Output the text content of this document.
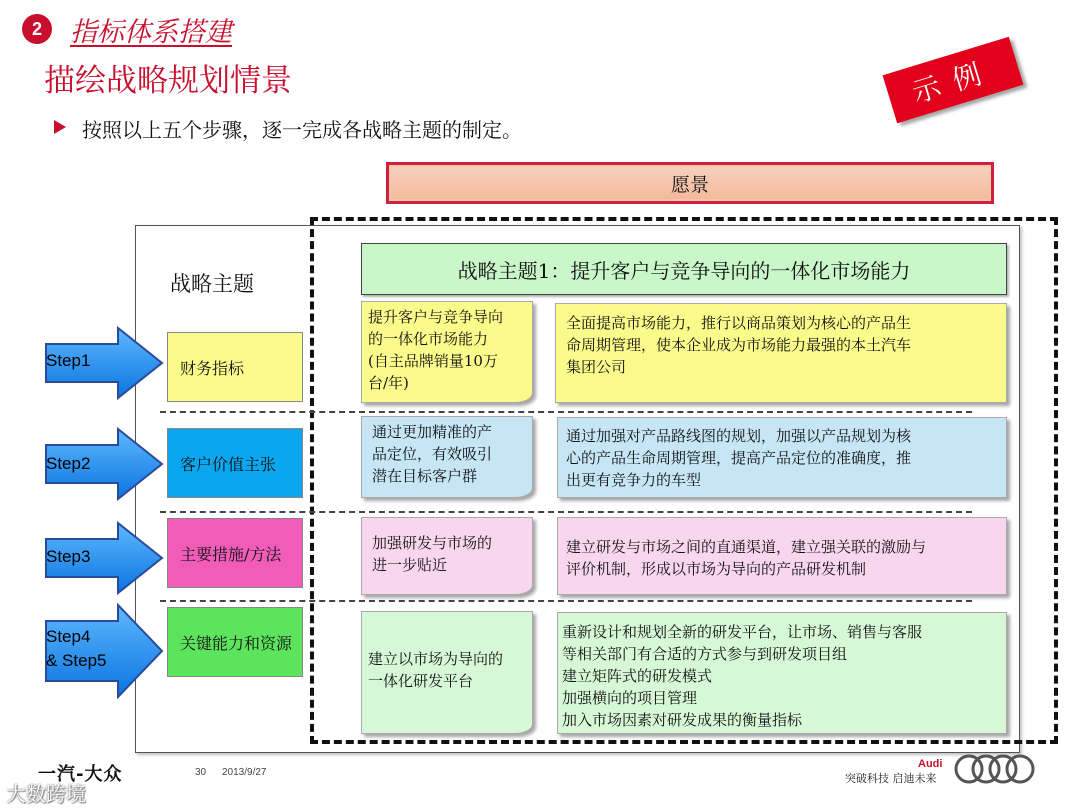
2	指标体系搭建
描绘战略规划情景
按照以上五个步骤，逐一完成各战略主题的制定。
示例
愿景
战略主题
战略主题1：提升客户与竞争导向的一体化市场能力
财务指标
客户价值主张
主要措施/方法
关键能力和资源
提升客户与竞争导向
的一体化市场能力
(自主品牌销量10万
台/年)
全面提高市场能力，推行以商品策划为核心的产品生
命周期管理，使本企业成为市场能力最强的本土汽车
集团公司
通过更加精准的产
品定位，有效吸引
潜在目标客户群
通过加强对产品路线图的规划，加强以产品规划为核
心的产品生命周期管理，提高产品定位的准确度，推
出更有竞争力的车型
加强研发与市场的
进一步贴近
建立研发与市场之间的直通渠道，建立强关联的激励与
评价机制，形成以市场为导向的产品研发机制
建立以市场为导向的
一体化研发平台
重新设计和规划全新的研发平台，让市场、销售与客服
等相关部门有合适的方式参与到研发项目组
建立矩阵式的研发模式
加强横向的项目管理
加入市场因素对研发成果的衡量指标
Step1
Step2
Step3
Step4
& Step5
一汽-大众	30 2013/9/27
大数跨境
Audi
突破科技 启迪未来
